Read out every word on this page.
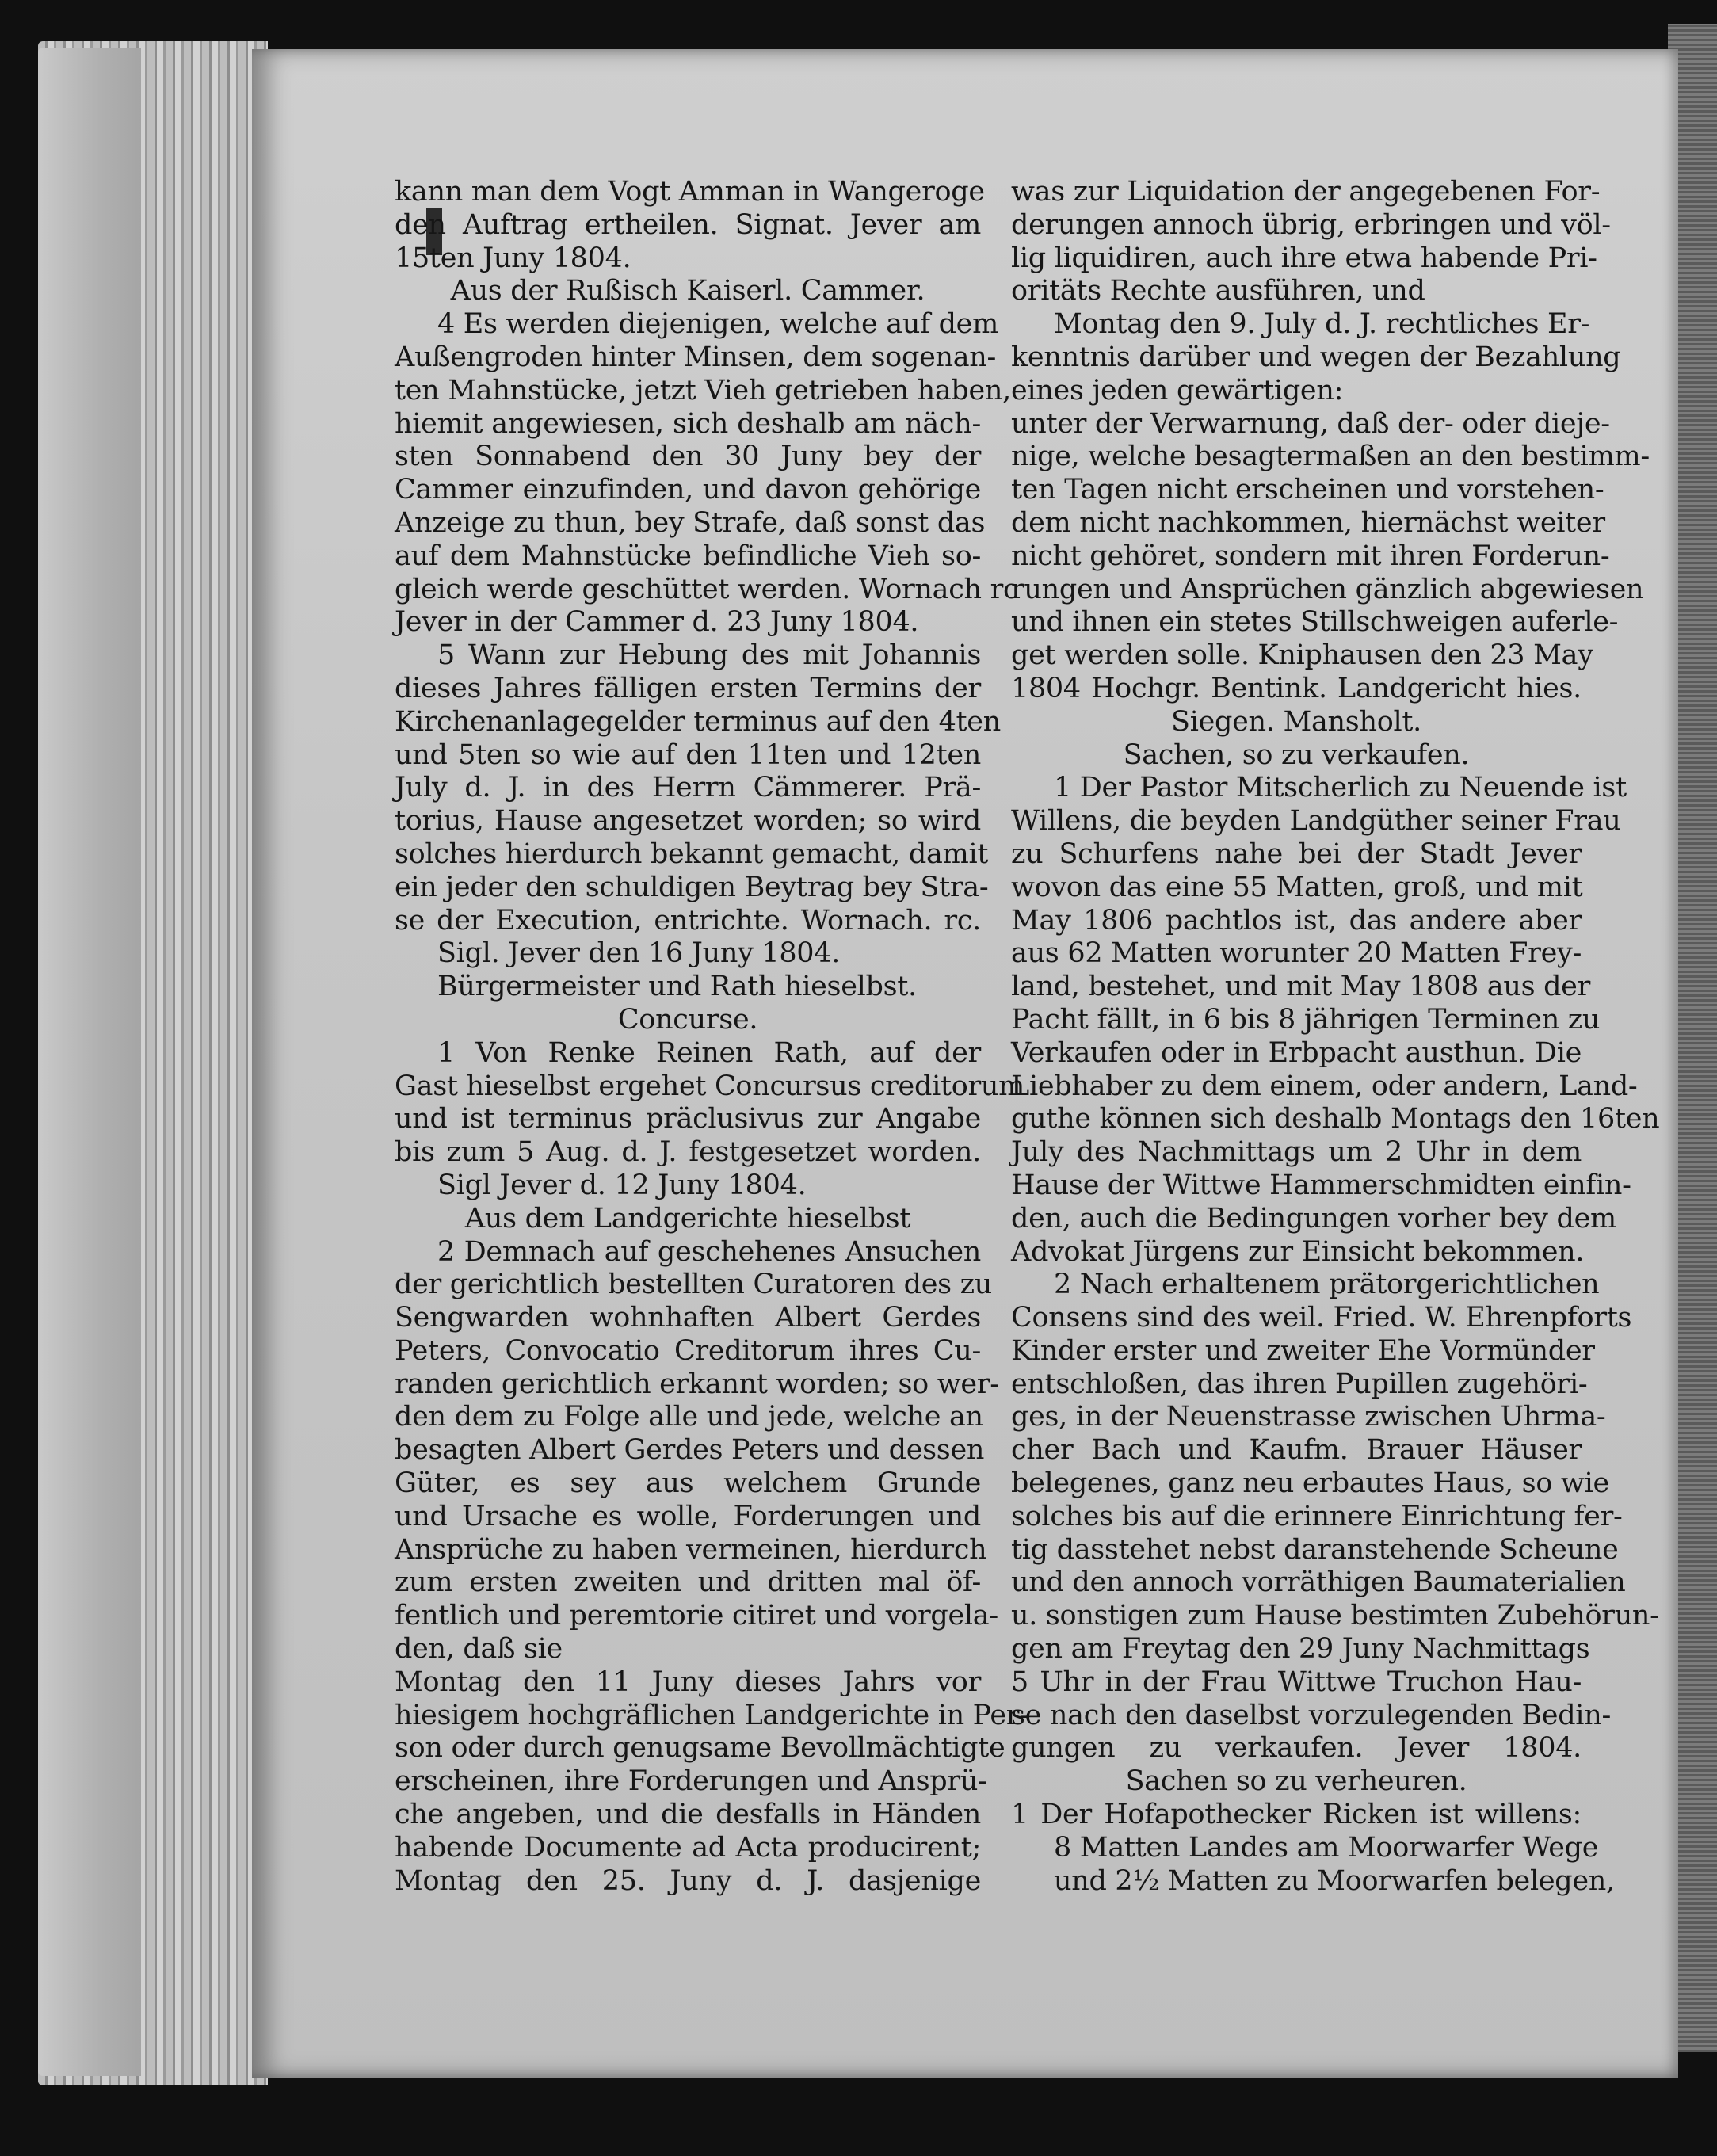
kann man dem Vogt Amman in Wangeroge
den Auftrag ertheilen. Signat. Jever am
15ten Juny 1804.
Aus der Rußisch Kaiserl. Cammer.
4 Es werden diejenigen, welche auf dem
Außengroden hinter Minsen, dem sogenan-
ten Mahnstücke, jetzt Vieh getrieben haben,
hiemit angewiesen, sich deshalb am näch-
sten Sonnabend den 30 Juny bey der
Cammer einzufinden, und davon gehörige
Anzeige zu thun, bey Strafe, daß sonst das
auf dem Mahnstücke befindliche Vieh so-
gleich werde geschüttet werden. Wornach rc
Jever in der Cammer d. 23 Juny 1804.
5 Wann zur Hebung des mit Johannis
dieses Jahres fälligen ersten Termins der
Kirchenanlagegelder terminus auf den 4ten
und 5ten so wie auf den 11ten und 12ten
July d. J. in des Herrn Cämmerer. Prä-
torius, Hause angesetzet worden; so wird
solches hierdurch bekannt gemacht, damit
ein jeder den schuldigen Beytrag bey Stra-
se der Execution, entrichte. Wornach. rc.
Sigl. Jever den 16 Juny 1804.
Bürgermeister und Rath hieselbst.
Concurse.
1 Von Renke Reinen Rath, auf der
Gast hieselbst ergehet Concursus creditorum
und ist terminus präclusivus zur Angabe
bis zum 5 Aug. d. J. festgesetzet worden.
Sigl Jever d. 12 Juny 1804.
Aus dem Landgerichte hieselbst
2 Demnach auf geschehenes Ansuchen
der gerichtlich bestellten Curatoren des zu
Sengwarden wohnhaften Albert Gerdes
Peters, Convocatio Creditorum ihres Cu-
randen gerichtlich erkannt worden; so wer-
den dem zu Folge alle und jede, welche an
besagten Albert Gerdes Peters und dessen
Güter, es sey aus welchem Grunde
und Ursache es wolle, Forderungen und
Ansprüche zu haben vermeinen, hierdurch
zum ersten zweiten und dritten mal öf-
fentlich und peremtorie citiret und vorgela-
den, daß sie
Montag den 11 Juny dieses Jahrs vor
hiesigem hochgräflichen Landgerichte in Per-
son oder durch genugsame Bevollmächtigte
erscheinen, ihre Forderungen und Ansprü-
che angeben, und die desfalls in Händen
habende Documente ad Acta producirent;
Montag den 25. Juny d. J. dasjenige
was zur Liquidation der angegebenen For-
derungen annoch übrig, erbringen und völ-
lig liquidiren, auch ihre etwa habende Pri-
oritäts Rechte ausführen, und
Montag den 9. July d. J. rechtliches Er-
kenntnis darüber und wegen der Bezahlung
eines jeden gewärtigen:
unter der Verwarnung, daß der- oder dieje-
nige, welche besagtermaßen an den bestimm-
ten Tagen nicht erscheinen und vorstehen-
dem nicht nachkommen, hiernächst weiter
nicht gehöret, sondern mit ihren Forderun-
rungen und Ansprüchen gänzlich abgewiesen
und ihnen ein stetes Stillschweigen auferle-
get werden solle. Kniphausen den 23 May
1804 Hochgr. Bentink. Landgericht hies.
Siegen. Mansholt.
Sachen, so zu verkaufen.
1 Der Pastor Mitscherlich zu Neuende ist
Willens, die beyden Landgüther seiner Frau
zu Schurfens nahe bei der Stadt Jever
wovon das eine 55 Matten, groß, und mit
May 1806 pachtlos ist, das andere aber
aus 62 Matten worunter 20 Matten Frey-
land, bestehet, und mit May 1808 aus der
Pacht fällt, in 6 bis 8 jährigen Terminen zu
Verkaufen oder in Erbpacht austhun. Die
Liebhaber zu dem einem, oder andern, Land-
guthe können sich deshalb Montags den 16ten
July des Nachmittags um 2 Uhr in dem
Hause der Wittwe Hammerschmidten einfin-
den, auch die Bedingungen vorher bey dem
Advokat Jürgens zur Einsicht bekommen.
2 Nach erhaltenem prätorgerichtlichen
Consens sind des weil. Fried. W. Ehrenpforts
Kinder erster und zweiter Ehe Vormünder
entschloßen, das ihren Pupillen zugehöri-
ges, in der Neuenstrasse zwischen Uhrma-
cher Bach und Kaufm. Brauer Häuser
belegenes, ganz neu erbautes Haus, so wie
solches bis auf die erinnere Einrichtung fer-
tig dasstehet nebst daranstehende Scheune
und den annoch vorräthigen Baumaterialien
u. sonstigen zum Hause bestimten Zubehörun-
gen am Freytag den 29 Juny Nachmittags
5 Uhr in der Frau Wittwe Truchon Hau-
se nach den daselbst vorzulegenden Bedin-
gungen zu verkaufen. Jever 1804.
Sachen so zu verheuren.
1 Der Hofapothecker Ricken ist willens:
8 Matten Landes am Moorwarfer Wege
und 2½ Matten zu Moorwarfen belegen,
